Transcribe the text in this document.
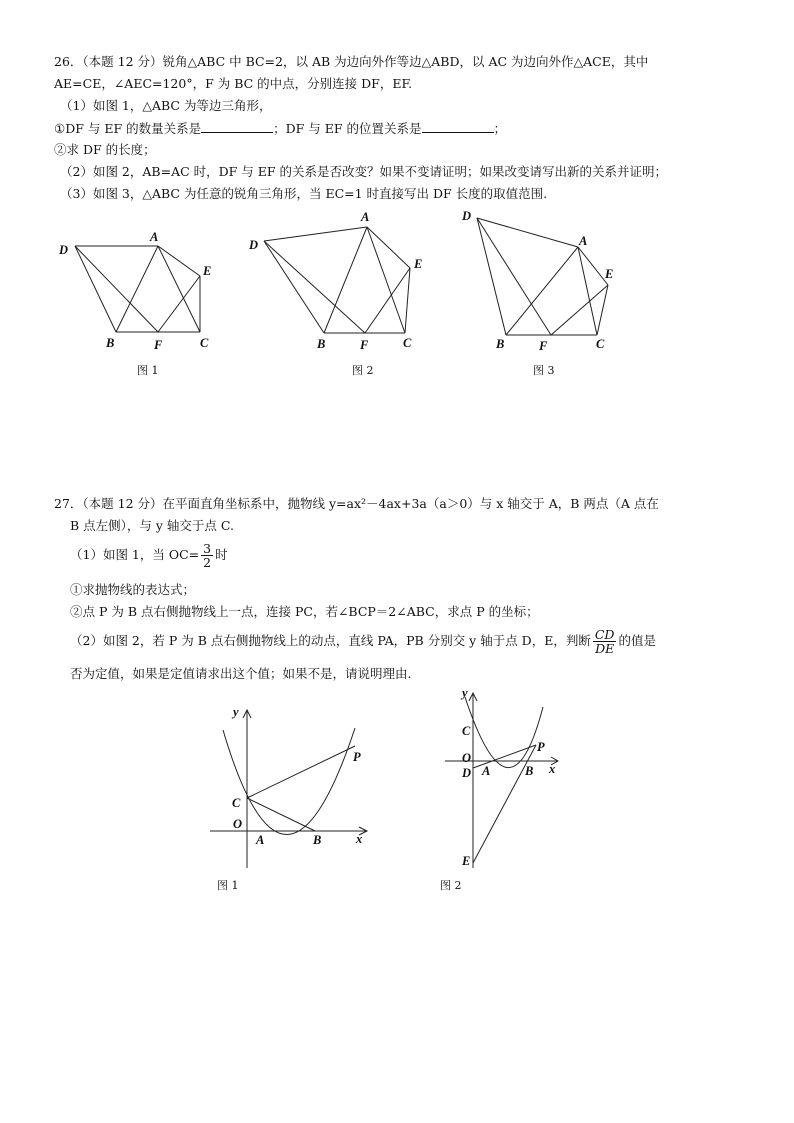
26．（本题 12 分）锐角△ABC 中 BC=2，以 AB 为边向外作等边△ABD，以 AC 为边向外作△ACE，其中
AE=CE，∠AEC=120°，F 为 BC 的中点，分别连接 DF，EF.
（1）如图 1，△ABC 为等边三角形，
①DF 与 EF 的数量关系是	；DF 与 EF 的位置关系是	；
②求 DF 的长度；
（2）如图 2，AB=AC 时，DF 与 EF 的关系是否改变？如果不变请证明；如果改变请写出新的关系并证明；
（3）如图 3，△ABC 为任意的锐角三角形，当 EC=1 时直接写出 DF 长度的取值范围.
D
A
E
B	F	C
图 1
D
A
E
B	F	C
图 2
D
A
E
B	F	C
图 3
27．（本题 12 分）在平面直角坐标系中，抛物线 y=ax²－4ax+3a（a＞0）与 x 轴交于 A，B 两点（A 点在
B 点左侧），与 y 轴交于点 C.
（1）如图 1，当 $OC= \frac{3}{2}$ 时
①求抛物线的表达式；
②点 P 为 B 点右侧抛物线上一点，连接 PC，若∠BCP＝2∠ABC，求点 P 的坐标；
（2）如图 2，若 P 为 B 点右侧抛物线上的动点，直线 PA，PB 分别交 y 轴于点 D，E，判断 $\frac{CD}{DE}$ 的值是
否为定值，如果是定值请求出这个值；如果不是，请说明理由.
y
x
O
C
A	B
P
图 1
y
x
C
O
D A	B
P
E
图 2
